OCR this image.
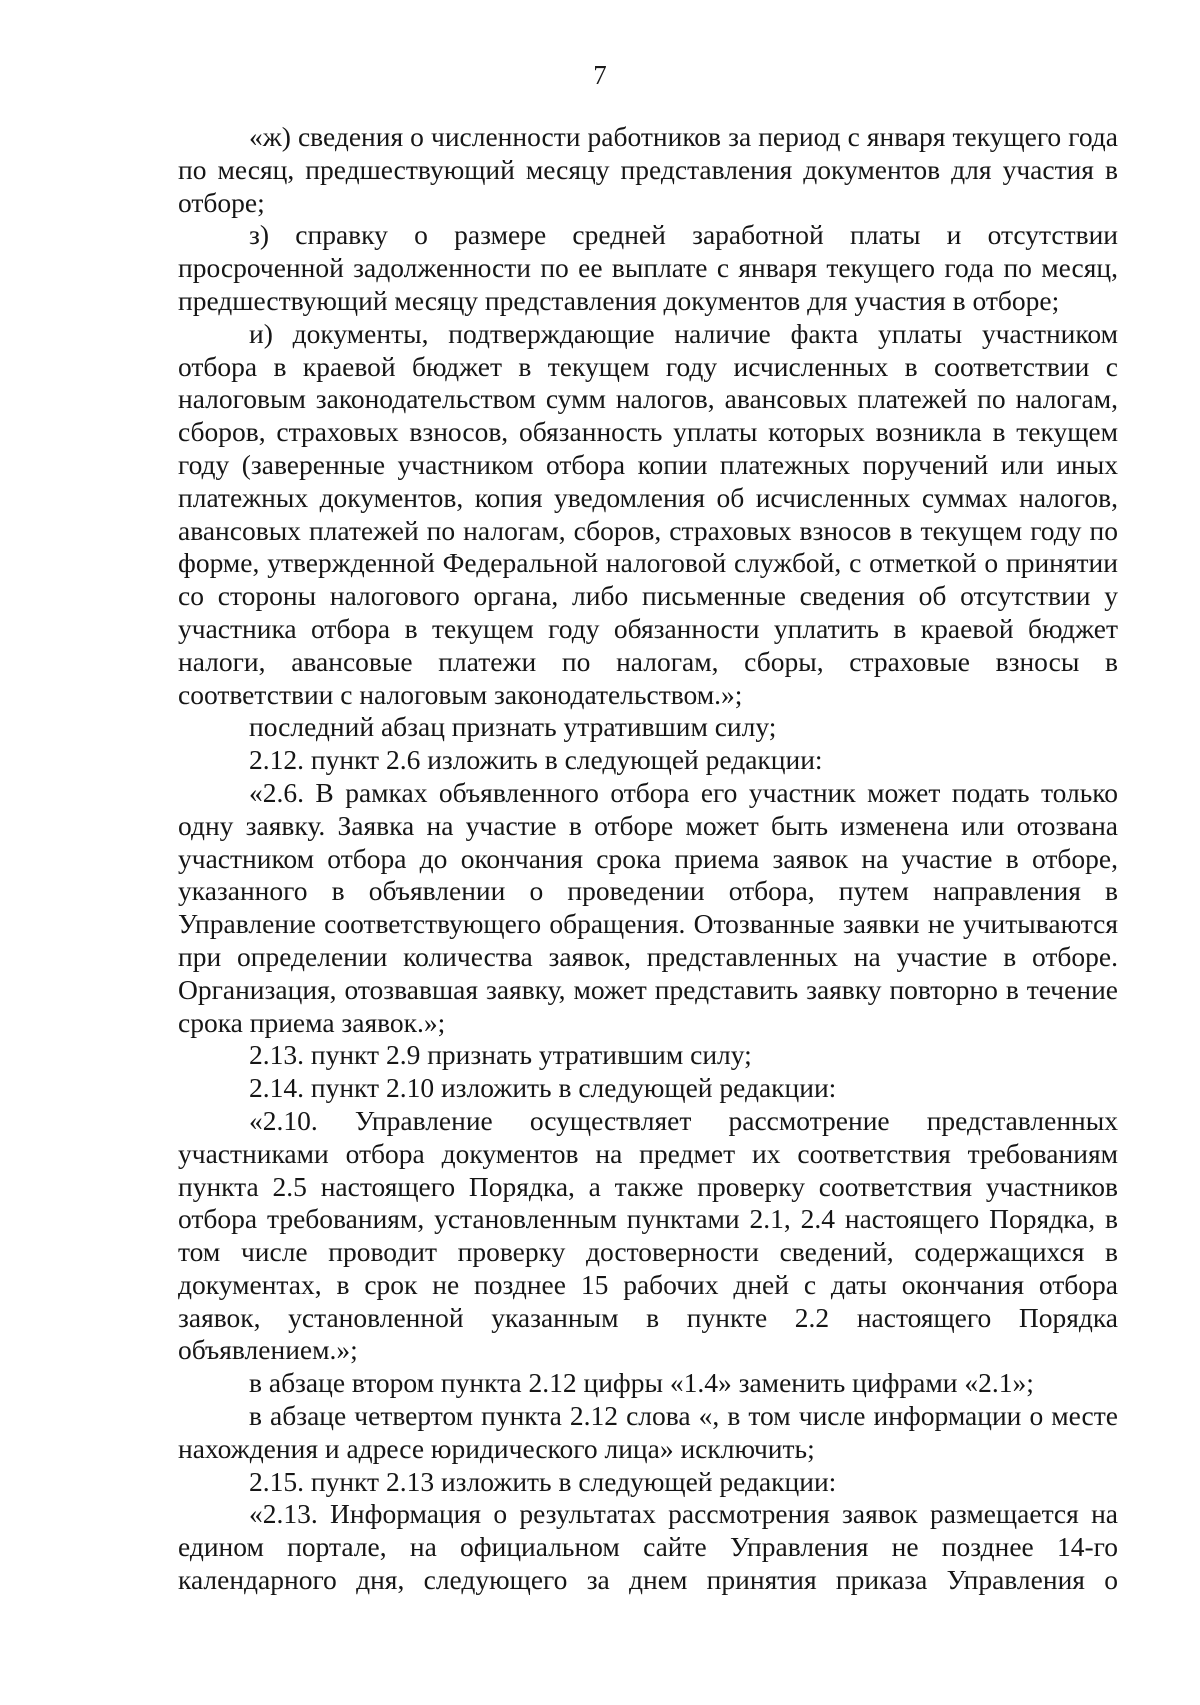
7

«ж) сведения о численности работников за период с января текущего года по месяц, предшествующий месяцу представления документов для участия в отборе;

з) справку о размере средней заработной платы и отсутствии просроченной задолженности по ее выплате с января текущего года по месяц, предшествующий месяцу представления документов для участия в отборе;

и) документы, подтверждающие наличие факта уплаты участником отбора в краевой бюджет в текущем году исчисленных в соответствии с налоговым законодательством сумм налогов, авансовых платежей по налогам, сборов, страховых взносов, обязанность уплаты которых возникла в текущем году (заверенные участником отбора копии платежных поручений или иных платежных документов, копия уведомления об исчисленных суммах налогов, авансовых платежей по налогам, сборов, страховых взносов в текущем году по форме, утвержденной Федеральной налоговой службой, с отметкой о принятии со стороны налогового органа, либо письменные сведения об отсутствии у участника отбора в текущем году обязанности уплатить в краевой бюджет налоги, авансовые платежи по налогам, сборы, страховые взносы в соответствии с налоговым законодательством.»;

последний абзац признать утратившим силу;

2.12. пункт 2.6 изложить в следующей редакции:

«2.6. В рамках объявленного отбора его участник может подать только одну заявку. Заявка на участие в отборе может быть изменена или отозвана участником отбора до окончания срока приема заявок на участие в отборе, указанного в объявлении о проведении отбора, путем направления в Управление соответствующего обращения. Отозванные заявки не учитываются при определении количества заявок, представленных на участие в отборе. Организация, отозвавшая заявку, может представить заявку повторно в течение срока приема заявок.»;

2.13. пункт 2.9 признать утратившим силу;

2.14. пункт 2.10 изложить в следующей редакции:

«2.10. Управление осуществляет рассмотрение представленных участниками отбора документов на предмет их соответствия требованиям пункта 2.5 настоящего Порядка, а также проверку соответствия участников отбора требованиям, установленным пунктами 2.1, 2.4 настоящего Порядка, в том числе проводит проверку достоверности сведений, содержащихся в документах, в срок не позднее 15 рабочих дней с даты окончания отбора заявок, установленной указанным в пункте 2.2 настоящего Порядка объявлением.»;

в абзаце втором пункта 2.12 цифры «1.4» заменить цифрами «2.1»;

в абзаце четвертом пункта 2.12 слова «, в том числе информации о месте нахождения и адресе юридического лица» исключить;

2.15. пункт 2.13 изложить в следующей редакции:

«2.13. Информация о результатах рассмотрения заявок размещается на едином портале, на официальном сайте Управления не позднее 14-го календарного дня, следующего за днем принятия приказа Управления о
